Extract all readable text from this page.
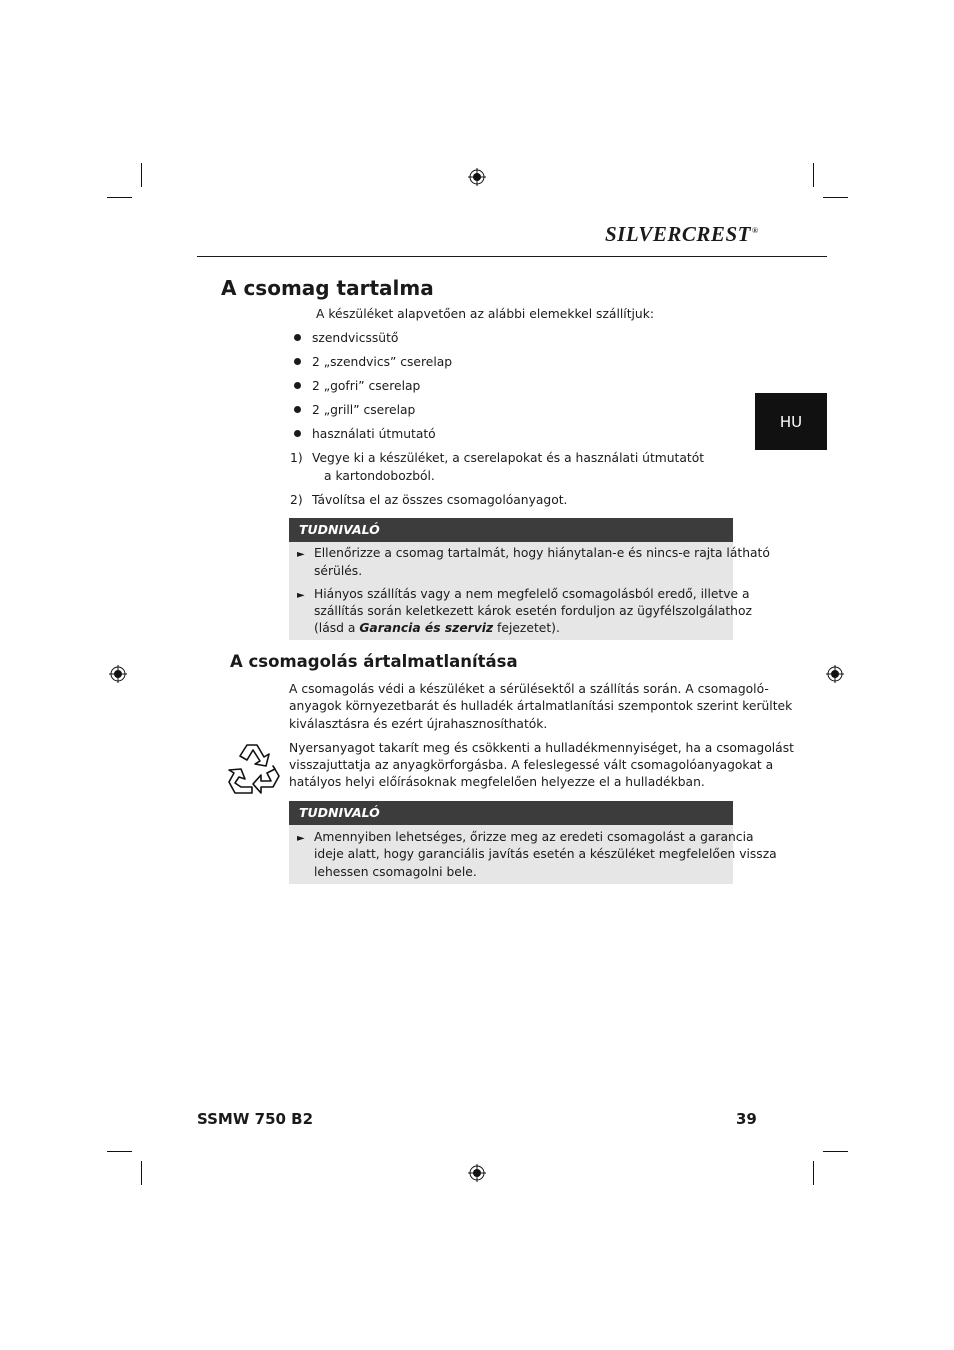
SILVERCREST®
HU
A csomag tartalma
A készüléket alapvetően az alábbi elemekkel szállítjuk:
szendvicssütő
2 „szendvics” cserelap
2 „gofri” cserelap
2 „grill” cserelap
használati útmutató
1) Vegye ki a készüléket, a cserelapokat és a használati útmutatót
a kartondobozból.
2) Távolítsa el az összes csomagolóanyagot.
TUDNIVALÓ
► Ellenőrizze a csomag tartalmát, hogy hiánytalan-e és nincs-e rajta látható
sérülés.
► Hiányos szállítás vagy a nem megfelelő csomagolásból eredő, illetve a
szállítás során keletkezett károk esetén forduljon az ügyfélszolgálathoz
(lásd a Garancia és szerviz fejezetet).
A csomagolás ártalmatlanítása
A csomagolás védi a készüléket a sérülésektől a szállítás során. A csomagoló-
anyagok környezetbarát és hulladék ártalmatlanítási szempontok szerint kerültek
kiválasztásra és ezért újrahasznosíthatók.
Nyersanyagot takarít meg és csökkenti a hulladékmennyiséget, ha a csomagolást
visszajuttatja az anyagkörforgásba. A feleslegessé vált csomagolóanyagokat a
hatályos helyi előírásoknak megfelelően helyezze el a hulladékban.
TUDNIVALÓ
► Amennyiben lehetséges, őrizze meg az eredeti csomagolást a garancia
ideje alatt, hogy garanciális javítás esetén a készüléket megfelelően vissza
lehessen csomagolni bele.
SSMW 750 B2	39
